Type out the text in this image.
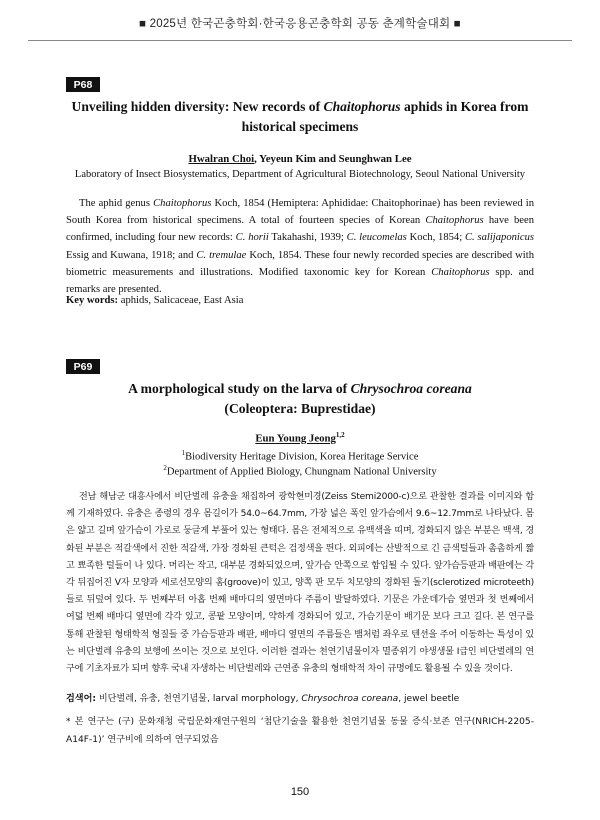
■ 2025년 한국곤충학회·한국응용곤충학회 공동 춘계학술대회 ■
P68
Unveiling hidden diversity: New records of Chaitophorus aphids in Korea from historical specimens
Hwalran Choi, Yeyeun Kim and Seunghwan Lee
Laboratory of Insect Biosystematics, Department of Agricultural Biotechnology, Seoul National University

The aphid genus Chaitophorus Koch, 1854 (Hemiptera: Aphididae: Chaitophorinae) has been reviewed in South Korea from historical specimens. A total of fourteen species of Korean Chaitophorus have been confirmed, including four new records: C. horii Takahashi, 1939; C. leucomelas Koch, 1854; C. salijaponicus Essig and Kuwana, 1918; and C. tremulae Koch, 1854. These four newly recorded species are described with biometric measurements and illustrations. Modified taxonomic key for Korean Chaitophorus spp. and remarks are presented.

Key words: aphids, Salicaceae, East Asia
P69
A morphological study on the larva of Chrysochroa coreana
(Coleoptera: Buprestidae)
Eun Young Jeong$^{1,2}$
$^1$Biodiversity Heritage Division, Korea Heritage Service
$^2$Department of Applied Biology, Chungnam National University

전남 해남군 대흥사에서 비단벌레 유충을 채집하여 광학현미경(Zeiss Stemi2000-c)으로 관찰한 결과를 이미지와 함께 기재하였다. 유충은 종령의 경우 몸길이가 54.0~64.7mm, 가장 넓은 폭인 앞가슴에서 9.6~12.7mm로 나타났다. 몸은 얇고 길며 앞가슴이 가로로 둥글게 부풀어 있는 형태다. 몸은 전체적으로 유백색을 띠며, 경화되지 않은 부분은 백색, 경화된 부분은 적갈색에서 진한 적갈색, 가장 경화된 큰턱은 검정색을 띈다. 외피에는 산발적으로 긴 금색털들과 촘촘하게 짧고 뾰족한 털들이 나 있다. 머리는 작고, 대부분 경화되었으며, 앞가슴 안쪽으로 함입될 수 있다. 앞가슴등판과 배판에는 각각 뒤집어진 V자 모양과 세로선모양의 홈(groove)이 있고, 양쪽 판 모두 치모양의 경화된 돌기(sclerotized microteeth)들로 뒤덮여 있다. 두 번째부터 아홉 번째 배마디의 옆면마다 주름이 발달하였다. 기문은 가운데가슴 옆면과 첫 번째에서 여덟 번째 배마디 옆면에 각각 있고, 콩팥 모양이며, 약하게 경화되어 있고, 가슴기문이 배기문 보다 크고 길다. 본 연구를 통해 관찰된 형태학적 형질들 중 가슴등판과 배판, 배마디 옆면의 주름들은 뱀처럼 좌우로 텐션을 주어 이동하는 특성이 있는 비단벌레 유충의 보행에 쓰이는 것으로 보인다. 이러한 결과는 천연기념물이자 멸종위기 야생생물 I급인 비단벌레의 연구에 기초자료가 되며 향후 국내 자생하는 비단벌레와 근연종 유충의 형태학적 차이 규명에도 활용될 수 있을 것이다.

검색어: 비단벌레, 유충, 천연기념물, larval morphology, Chrysochroa coreana, jewel beetle
* 본 연구는 (구) 문화재청 국립문화재연구원의 ‘첨단기술을 활용한 천연기념물 동물 증식·보존 연구(NRICH-2205-A14F-1)’ 연구비에 의하여 연구되었음
150
